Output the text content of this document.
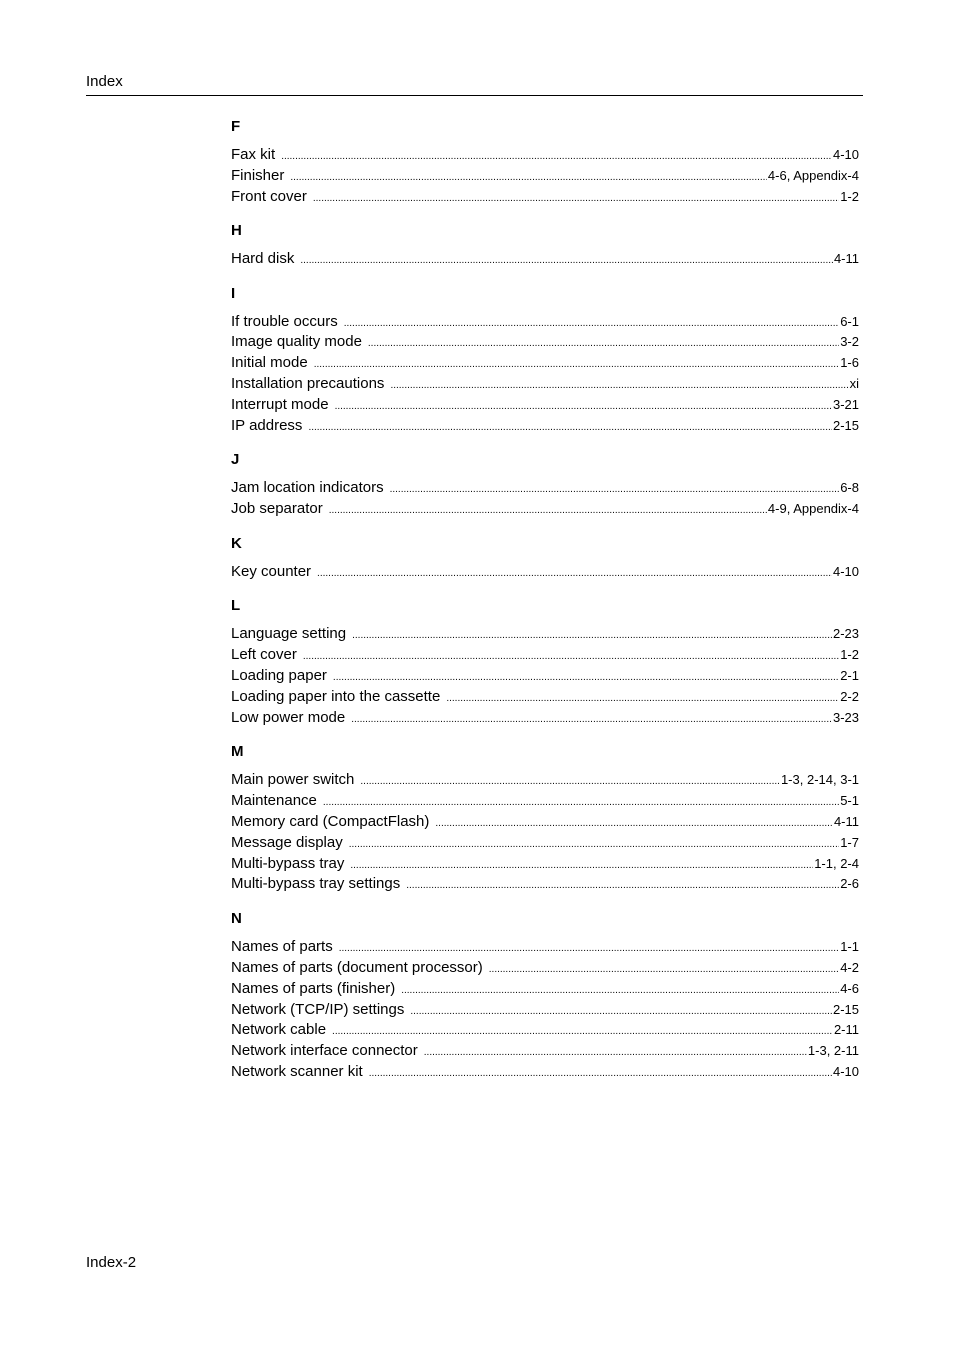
Index
F
Fax kit .....	4-10
Finisher .....	4-6, Appendix-4
Front cover .....	1-2
H
Hard disk .....	4-11
I
If trouble occurs .....	6-1
Image quality mode .....	3-2
Initial mode .....	1-6
Installation precautions .....	xi
Interrupt mode .....	3-21
IP address .....	2-15
J
Jam location indicators .....	6-8
Job separator .....	4-9, Appendix-4
K
Key counter .....	4-10
L
Language setting .....	2-23
Left cover .....	1-2
Loading paper .....	2-1
Loading paper into the cassette .....	2-2
Low power mode .....	3-23
M
Main power switch .....	1-3, 2-14, 3-1
Maintenance .....	5-1
Memory card (CompactFlash) .....	4-11
Message display .....	1-7
Multi-bypass tray .....	1-1, 2-4
Multi-bypass tray settings .....	2-6
N
Names of parts .....	1-1
Names of parts (document processor) .....	4-2
Names of parts (finisher) .....	4-6
Network (TCP/IP) settings .....	2-15
Network cable .....	2-11
Network interface connector .....	1-3, 2-11
Network scanner kit .....	4-10
Index-2
